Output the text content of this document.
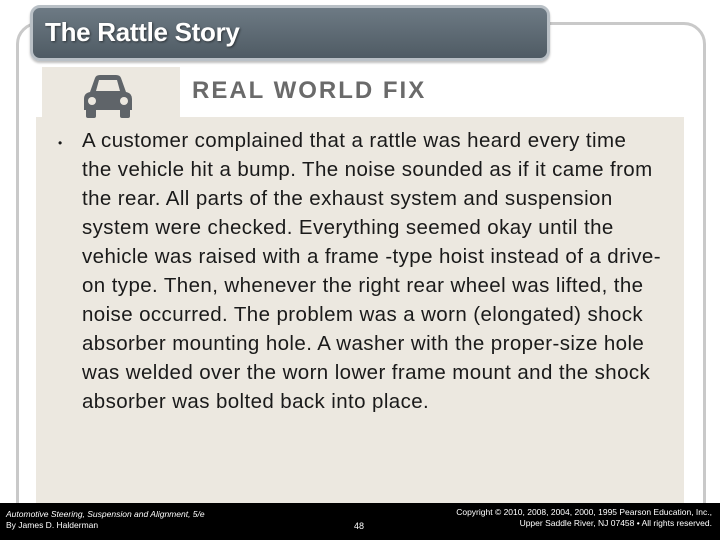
The Rattle Story
REAL WORLD FIX
• A customer complained that a rattle was heard every time the vehicle hit a bump. The noise sounded as if it came from the rear. All parts of the exhaust system and suspension system were checked. Everything seemed okay until the vehicle was raised with a frame -type hoist instead of a drive-on type. Then, whenever the right rear wheel was lifted, the noise occurred. The problem was a worn (elongated) shock absorber mounting hole. A washer with the proper-size hole was welded over the worn lower frame mount and the shock absorber was bolted back into place.
Automotive Steering, Suspension and Alignment, 5/e
By James D. Halderman	48
Copyright © 2010, 2008, 2004, 2000, 1995 Pearson Education, Inc.,
Upper Saddle River, NJ 07458 • All rights reserved.
